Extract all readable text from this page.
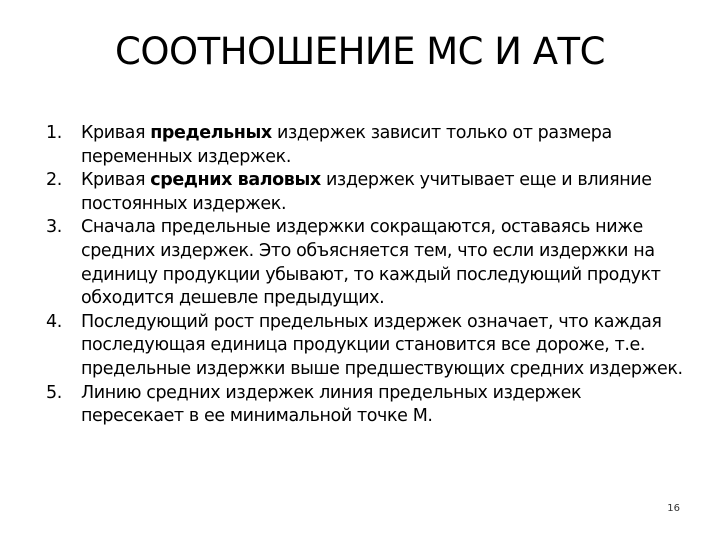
СООТНОШЕНИЕ МС И АТС
1. Кривая предельных издержек зависит только от размера переменных издержек.
2. Кривая средних валовых издержек учитывает еще и влияние постоянных издержек.
3. Сначала предельные издержки сокращаются, оставаясь ниже средних издержек. Это объясняется тем, что если издержки на единицу продукции убывают, то каждый последующий продукт обходится дешевле предыдущих.
4. Последующий рост предельных издержек означает, что каждая последующая единица продукции становится все дороже, т.е. предельные издержки выше предшествующих средних издержек.
5. Линию средних издержек линия предельных издержек пересекает в ее минимальной точке М.
16
